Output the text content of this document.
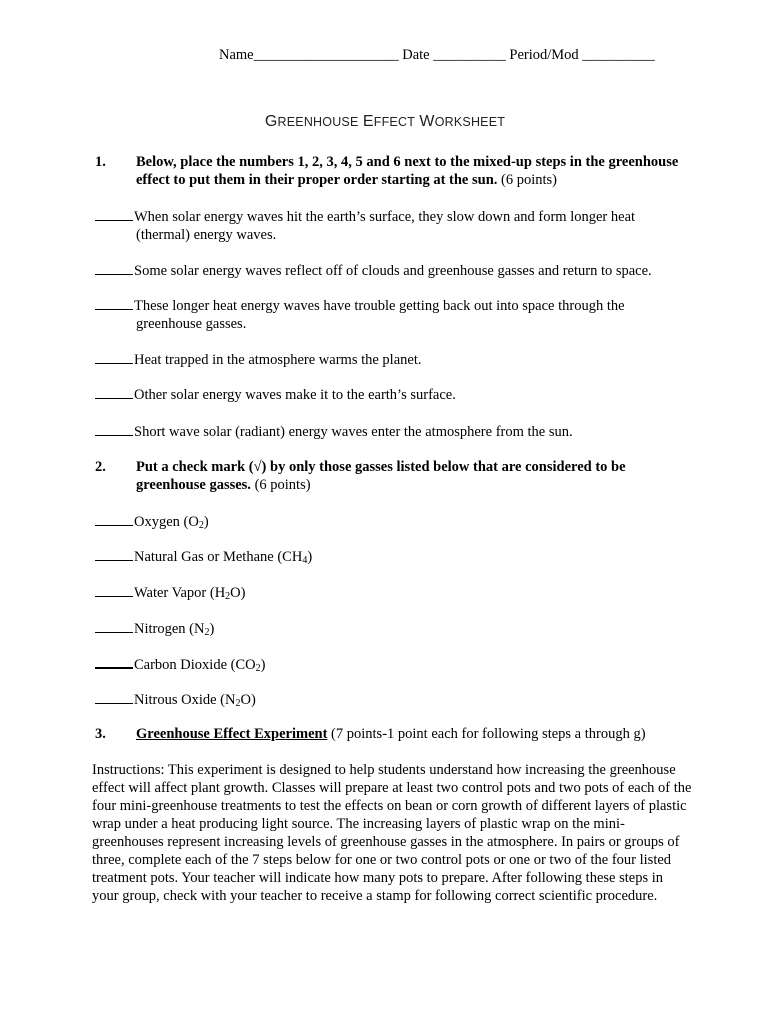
Name____________________ Date __________ Period/Mod __________
GREENHOUSE EFFECT WORKSHEET
1. Below, place the numbers 1, 2, 3, 4, 5 and 6 next to the mixed-up steps in the greenhouse effect to put them in their proper order starting at the sun. (6 points)
When solar energy waves hit the earth’s surface, they slow down and form longer heat
(thermal) energy waves.
Some solar energy waves reflect off of clouds and greenhouse gasses and return to space.
These longer heat energy waves have trouble getting back out into space through the
greenhouse gasses.
Heat trapped in the atmosphere warms the planet.
Other solar energy waves make it to the earth’s surface.
Short wave solar (radiant) energy waves enter the atmosphere from the sun.
2. Put a check mark (√) by only those gasses listed below that are considered to be greenhouse gasses. (6 points)
Oxygen $(O_2)$
Natural Gas or Methane $(CH_4)$
Water Vapor $(H_2O)$
Nitrogen $(N_2)$
Carbon Dioxide $(CO_2)$
Nitrous Oxide $(N_2O)$
3. Greenhouse Effect Experiment (7 points-1 point each for following steps a through g)
Instructions: This experiment is designed to help students understand how increasing the greenhouse effect will affect plant growth. Classes will prepare at least two control pots and two pots of each of the four mini-greenhouse treatments to test the effects on bean or corn growth of different layers of plastic wrap under a heat producing light source. The increasing layers of plastic wrap on the mini-greenhouses represent increasing levels of greenhouse gasses in the atmosphere. In pairs or groups of three, complete each of the 7 steps below for one or two control pots or one or two of the four listed treatment pots. Your teacher will indicate how many pots to prepare. After following these steps in your group, check with your teacher to receive a stamp for following correct scientific procedure.
